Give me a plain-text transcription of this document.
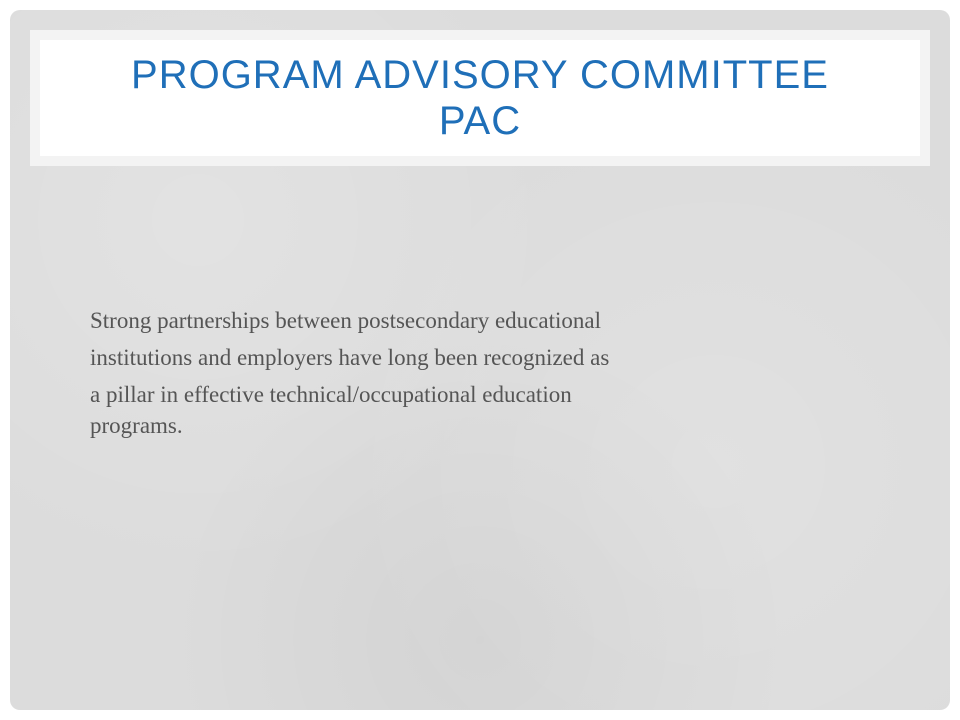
PROGRAM ADVISORY COMMITTEE
PAC
Strong partnerships between postsecondary educational
institutions and employers have long been recognized as
a pillar in effective technical/occupational education
programs.
